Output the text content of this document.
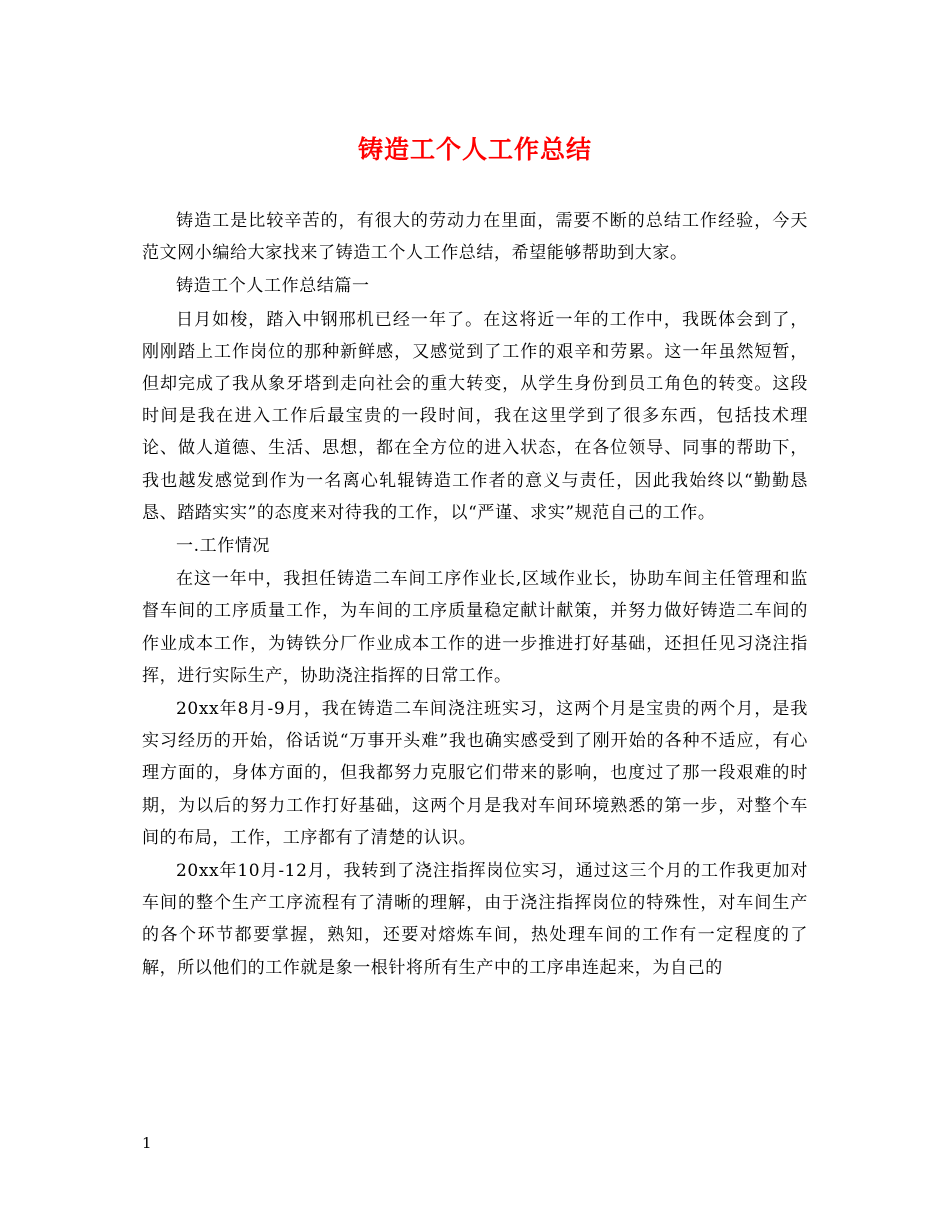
铸造工个人工作总结

铸造工是比较辛苦的，有很大的劳动力在里面，需要不断的总结工作经验，今天范文网小编给大家找来了铸造工个人工作总结，希望能够帮助到大家。

铸造工个人工作总结篇一

日月如梭，踏入中钢邢机已经一年了。在这将近一年的工作中，我既体会到了，刚刚踏上工作岗位的那种新鲜感，又感觉到了工作的艰辛和劳累。这一年虽然短暂，但却完成了我从象牙塔到走向社会的重大转变，从学生身份到员工角色的转变。这段时间是我在进入工作后最宝贵的一段时间，我在这里学到了很多东西，包括技术理论、做人道德、生活、思想，都在全方位的进入状态，在各位领导、同事的帮助下，我也越发感觉到作为一名离心轧辊铸造工作者的意义与责任，因此我始终以“勤勤恳恳、踏踏实实”的态度来对待我的工作，以“严谨、求实”规范自己的工作。

一.工作情况

在这一年中，我担任铸造二车间工序作业长,区域作业长，协助车间主任管理和监督车间的工序质量工作，为车间的工序质量稳定献计献策，并努力做好铸造二车间的作业成本工作，为铸铁分厂作业成本工作的进一步推进打好基础，还担任见习浇注指挥，进行实际生产，协助浇注指挥的日常工作。

20xx年8月-9月，我在铸造二车间浇注班实习，这两个月是宝贵的两个月，是我实习经历的开始，俗话说“万事开头难”我也确实感受到了刚开始的各种不适应，有心理方面的，身体方面的，但我都努力克服它们带来的影响，也度过了那一段艰难的时期，为以后的努力工作打好基础，这两个月是我对车间环境熟悉的第一步，对整个车间的布局，工作，工序都有了清楚的认识。

20xx年10月-12月，我转到了浇注指挥岗位实习，通过这三个月的工作我更加对车间的整个生产工序流程有了清晰的理解，由于浇注指挥岗位的特殊性，对车间生产的各个环节都要掌握，熟知，还要对熔炼车间，热处理车间的工作有一定程度的了解，所以他们的工作就是象一根针将所有生产中的工序串连起来，为自己的

1
